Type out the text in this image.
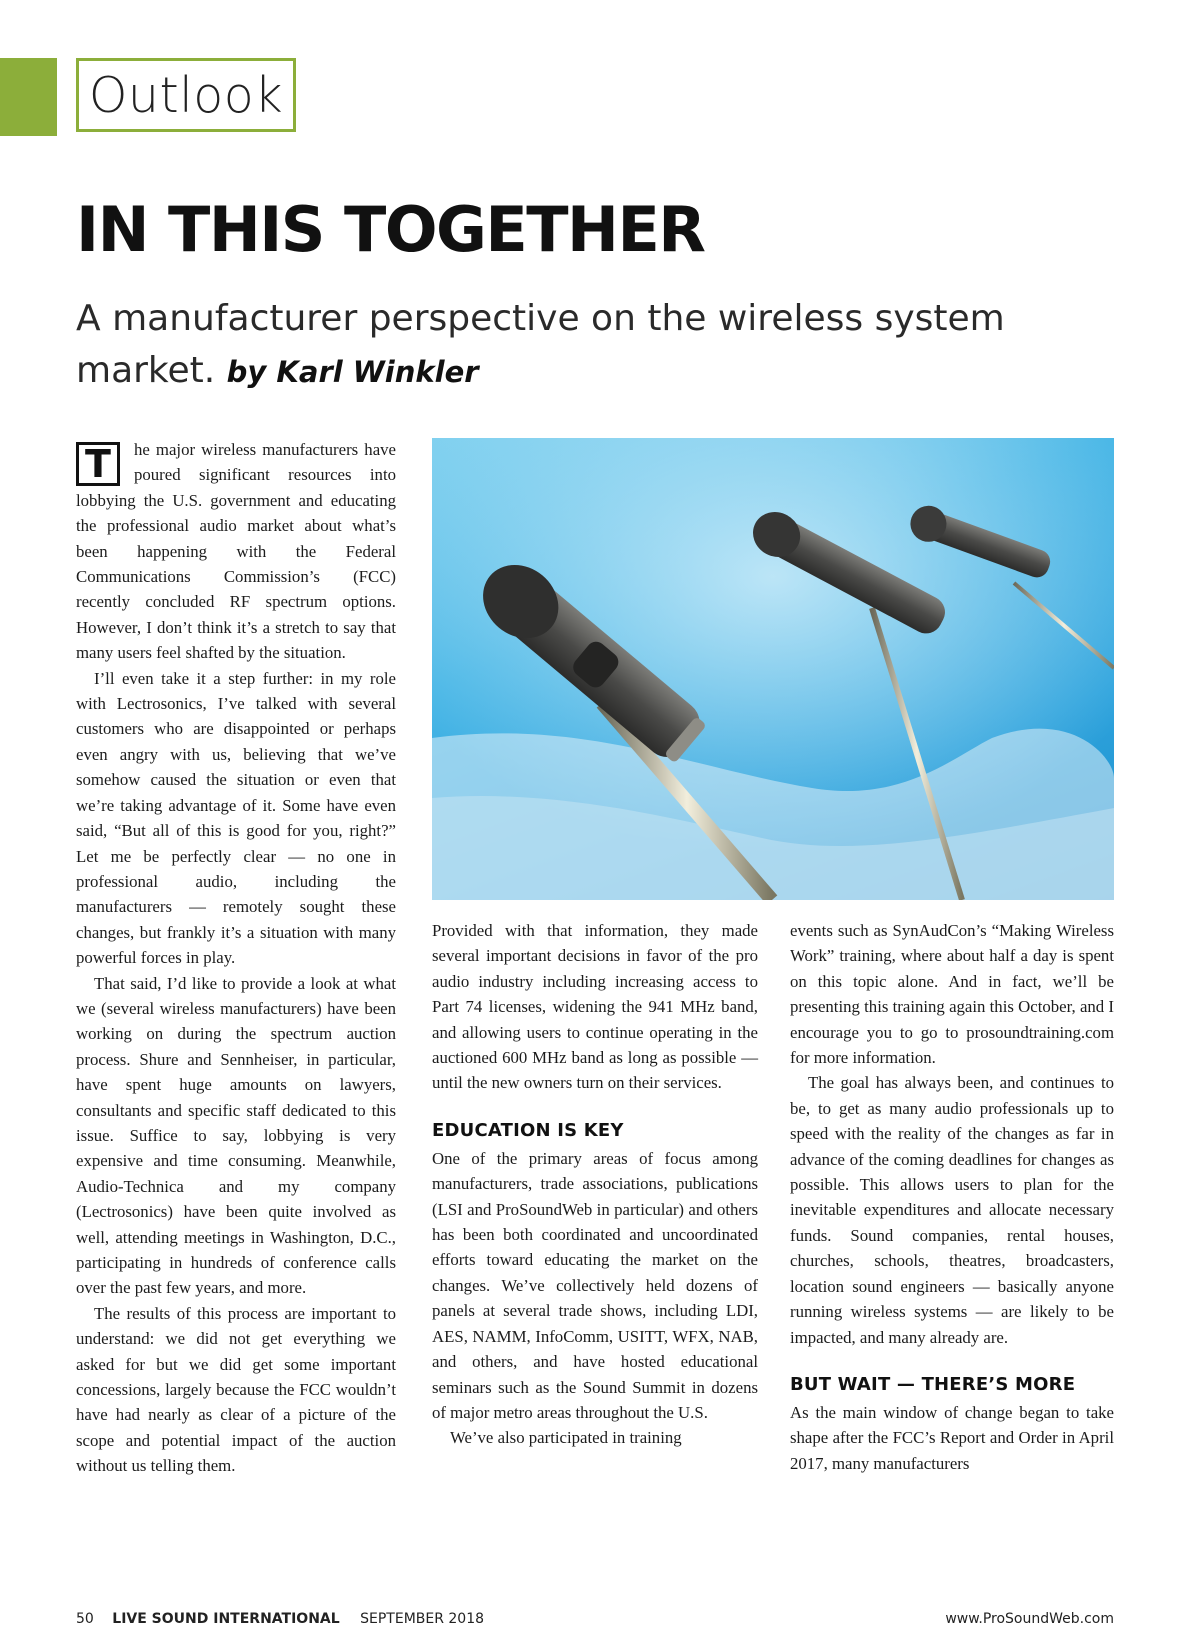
Outlook
IN THIS TOGETHER

A manufacturer perspective on the wireless system market. by Karl Winkler

T	he major wireless manufacturers have poured significant resources into lobbying the U.S. government and educating the professional audio market about what’s been happening with the Federal Communications Commission’s (FCC) recently concluded RF spectrum options. However, I don’t think it’s a stretch to say that many users feel shafted by the situation.

I’ll even take it a step further: in my role with Lectrosonics, I’ve talked with several customers who are disappointed or perhaps even angry with us, believing that we’ve somehow caused the situation or even that we’re taking advantage of it. Some have even said, “But all of this is good for you, right?” Let me be perfectly clear — no one in professional audio, including the manufacturers — remotely sought these changes, but frankly it’s a situation with many powerful forces in play.

That said, I’d like to provide a look at what we (several wireless manufacturers) have been working on during the spectrum auction process. Shure and Sennheiser, in particular, have spent huge amounts on lawyers, consultants and specific staff dedicated to this issue. Suffice to say, lobbying is very expensive and time consuming. Meanwhile, Audio-Technica and my company (Lectrosonics) have been quite involved as well, attending meetings in Washington, D.C., participating in hundreds of conference calls over the past few years, and more.

The results of this process are important to understand: we did not get everything we asked for but we did get some important concessions, largely because the FCC wouldn’t have had nearly as clear of a picture of the scope and potential impact of the auction without us telling them.

Provided with that information, they made several important decisions in favor of the pro audio industry including increasing access to Part 74 licenses, widening the 941 MHz band, and allowing users to continue operating in the auctioned 600 MHz band as long as possible — until the new owners turn on their services.

EDUCATION IS KEY

One of the primary areas of focus among manufacturers, trade associations, publications (LSI and ProSoundWeb in particular) and others has been both coordinated and uncoordinated efforts toward educating the market on the changes. We’ve collectively held dozens of panels at several trade shows, including LDI, AES, NAMM, InfoComm, USITT, WFX, NAB, and others, and have hosted educational seminars such as the Sound Summit in dozens of major metro areas throughout the U.S.

We’ve also participated in training

events such as SynAudCon’s “Making Wireless Work” training, where about half a day is spent on this topic alone. And in fact, we’ll be presenting this training again this October, and I encourage you to go to prosoundtraining.com for more information.

The goal has always been, and continues to be, to get as many audio professionals up to speed with the reality of the changes as far in advance of the coming deadlines for changes as possible. This allows users to plan for the inevitable expenditures and allocate necessary funds. Sound companies, rental houses, churches, schools, theatres, broadcasters, location sound engineers — basically anyone running wireless systems — are likely to be impacted, and many already are.

BUT WAIT — THERE’S MORE

As the main window of change began to take shape after the FCC’s Report and Order in April 2017, many manufacturers

50 LIVE SOUND INTERNATIONAL SEPTEMBER 2018	www.ProSoundWeb.com
